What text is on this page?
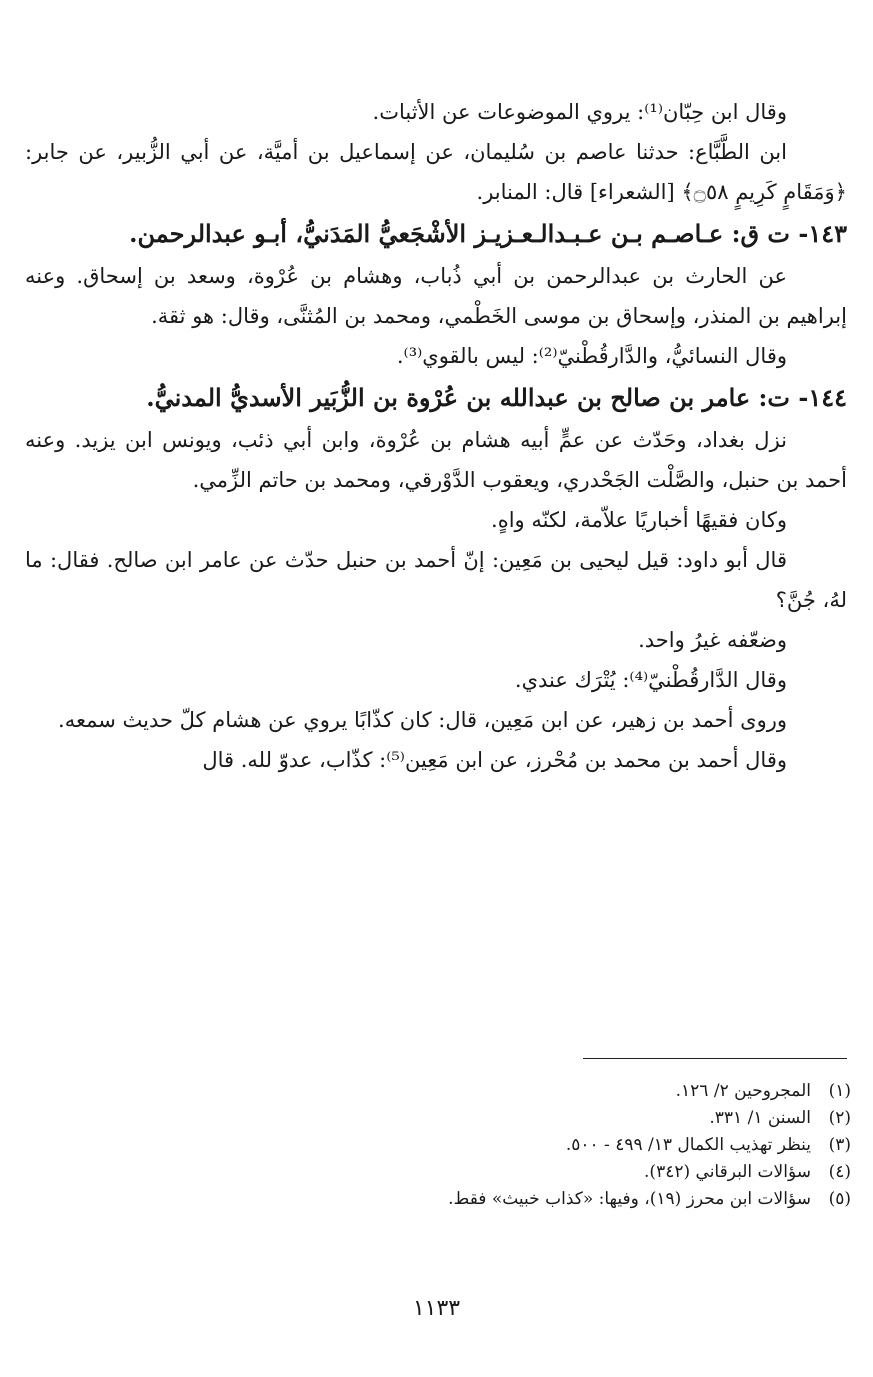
وقال ابن حِبّان⁽¹⁾: يروي الموضوعات عن الأثبات.

ابن الطَّبَّاع: حدثنا عاصم بن سُليمان، عن إسماعيل بن أميَّة، عن أبي الزُّبير، عن جابر: ﴿وَمَقَامٍ كَرِيمٍ ۝٥٨﴾ [الشعراء] قال: المنابر.

١٤٣- ت ق: عـاصـم بـن عـبـدالـعـزيـز الأشْجَعيُّ المَدَنيُّ، أبـو عبدالرحمن.

عن الحارث بن عبدالرحمن بن أبي ذُباب، وهشام بن عُرْوة، وسعد بن إسحاق. وعنه إبراهيم بن المنذر، وإسحاق بن موسى الخَطْمي، ومحمد بن المُثنَّى، وقال: هو ثقة.

وقال النسائيُّ، والدَّارقُطْنيّ⁽²⁾: ليس بالقوي⁽³⁾.

١٤٤- ت: عامر بن صالح بن عبدالله بن عُرْوة بن الزُّبَير الأسديُّ المدنيُّ.

نزل بغداد، وحَدّث عن عمٍّ أبيه هشام بن عُرْوة، وابن أبي ذئب، ويونس ابن يزيد. وعنه أحمد بن حنبل، والصَّلْت الجَحْدري، ويعقوب الدَّوْرقي، ومحمد بن حاتم الزِّمي.

وكان فقيهًا أخباريًا علاّمة، لكنّه واهٍ.

قال أبو داود: قيل ليحيى بن مَعِين: إنّ أحمد بن حنبل حدّث عن عامر ابن صالح. فقال: ما لهُ، جُنَّ؟

وضعّفه غيرُ واحد.

وقال الدَّارقُطْنيّ⁽⁴⁾: يُتْرَك عندي.

وروى أحمد بن زهير، عن ابن مَعِين، قال: كان كذّابًا يروي عن هشام كلّ حديث سمعه.

وقال أحمد بن محمد بن مُحْرز، عن ابن مَعِين⁽⁵⁾: كذّاب، عدوّ لله. قال

(١)
المجروحين ٢/ ١٢٦.
(٢)
السنن ١/ ٣٣١.
(٣)
ينظر تهذيب الكمال ١٣/ ٤٩٩ - ٥٠٠.
(٤)
سؤالات البرقاني (٣٤٢).
(٥)
سؤالات ابن محرز (١٩)، وفيها: «كذاب خبيث» فقط.
١١٣٣
